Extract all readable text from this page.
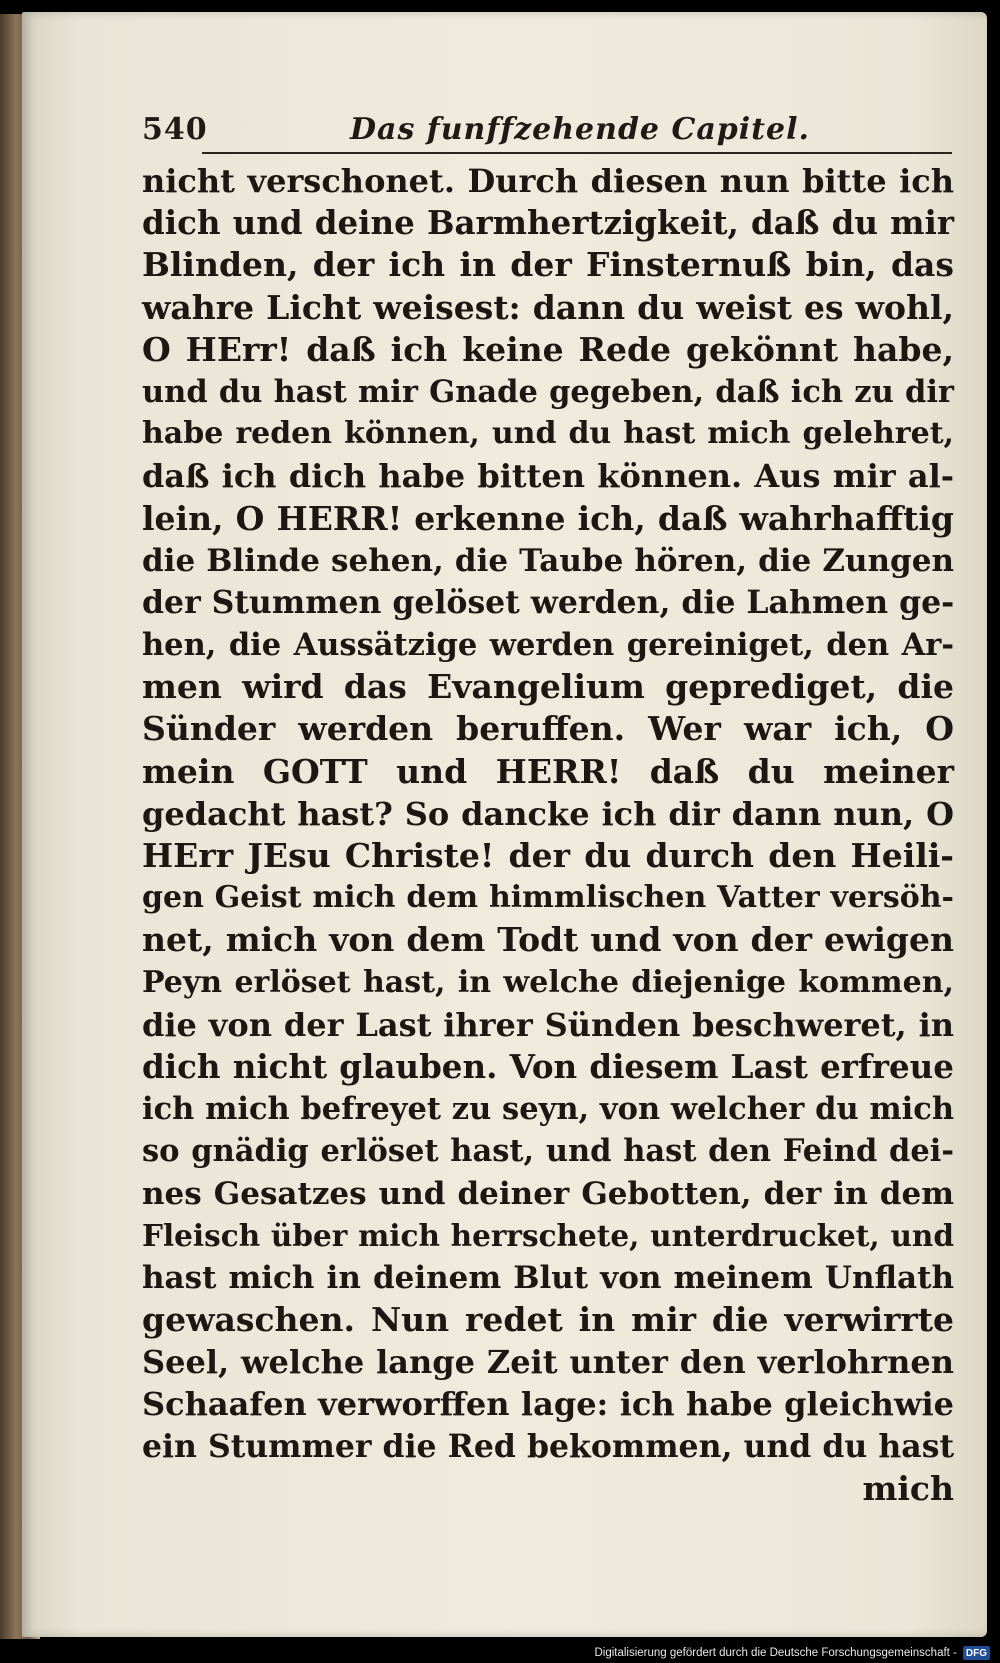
540	Das funffzehende Capitel.
nicht verschonet. Durch diesen nun bitte ich
dich und deine Barmhertzigkeit, daß du mir
Blinden, der ich in der Finsternuß bin, das
wahre Licht weisest: dann du weist es wohl,
O HErr! daß ich keine Rede gekönnt habe,
und du hast mir Gnade gegeben, daß ich zu dir
habe reden können, und du hast mich gelehret,
daß ich dich habe bitten können. Aus mir al-
lein, O HERR! erkenne ich, daß wahrhafftig
die Blinde sehen, die Taube hören, die Zungen
der Stummen gelöset werden, die Lahmen ge-
hen, die Aussätzige werden gereiniget, den Ar-
men wird das Evangelium geprediget, die
Sünder werden beruffen. Wer war ich, O
mein GOTT und HERR! daß du meiner
gedacht hast? So dancke ich dir dann nun, O
HErr JEsu Christe! der du durch den Heili-
gen Geist mich dem himmlischen Vatter versöh-
net, mich von dem Todt und von der ewigen
Peyn erlöset hast, in welche diejenige kommen,
die von der Last ihrer Sünden beschweret, in
dich nicht glauben. Von diesem Last erfreue
ich mich befreyet zu seyn, von welcher du mich
so gnädig erlöset hast, und hast den Feind dei-
nes Gesatzes und deiner Gebotten, der in dem
Fleisch über mich herrschete, unterdrucket, und
hast mich in deinem Blut von meinem Unflath
gewaschen. Nun redet in mir die verwirrte
Seel, welche lange Zeit unter den verlohrnen
Schaafen verworffen lage: ich habe gleichwie
ein Stummer die Red bekommen, und du hast
mich
Digitalisierung gefördert durch die Deutsche Forschungsgemeinschaft - DFG
